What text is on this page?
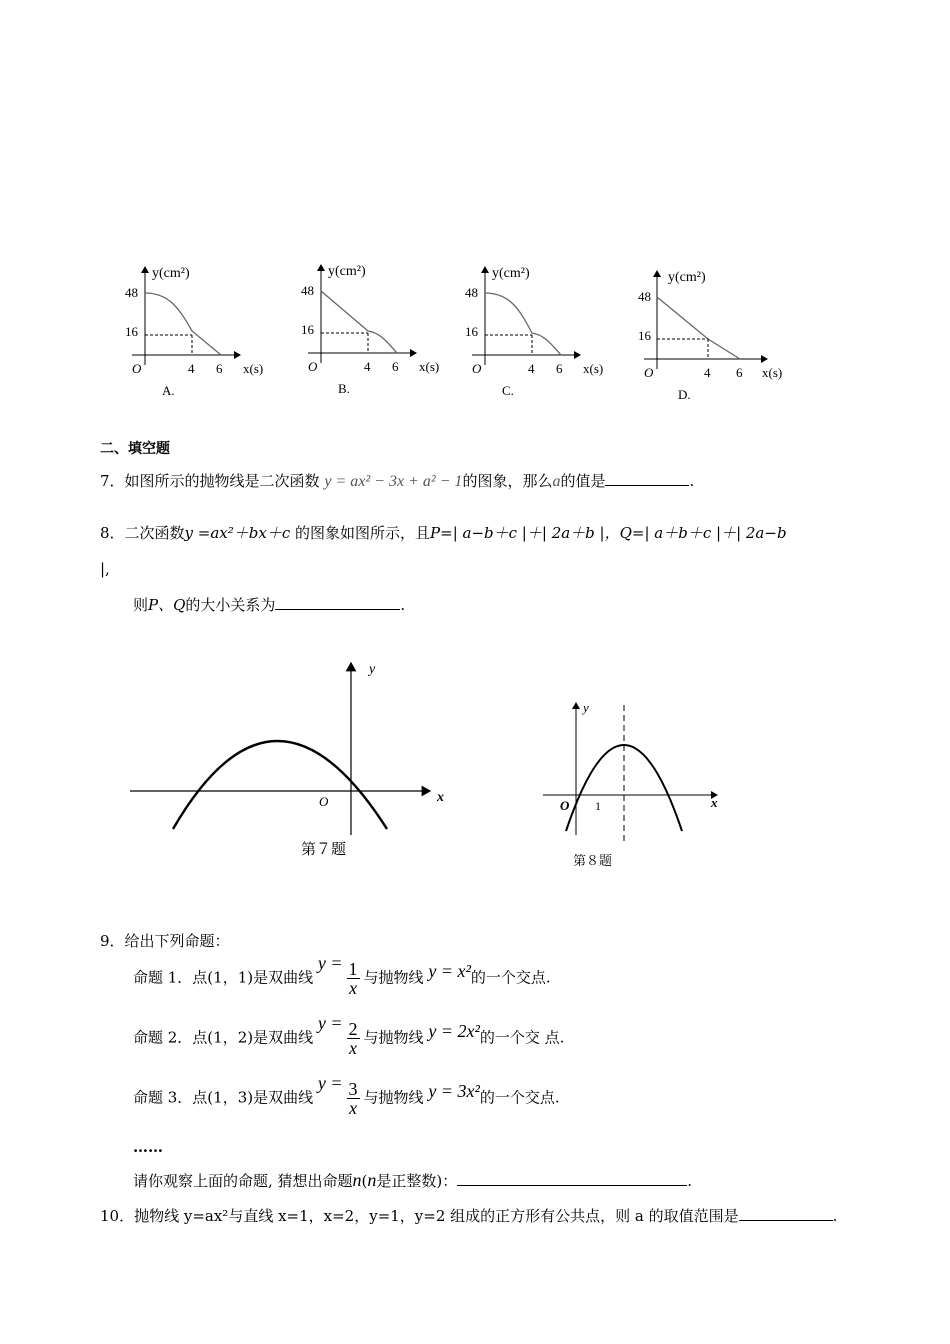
y(cm²)
48
16
O	4 6 x(s)
A.
y(cm²)
48
16
O	4 6 x(s)
B.
y(cm²)
48
16
O	4 6 x(s)
C.
y(cm²)
48
16
O	4 6 x(s)
D.
二、填空题
7．如图所示的抛物线是二次函数 y = ax² − 3x + a² − 1的图象，那么a的值是	.
8．二次函数y =ax²＋bx＋c 的图象如图所示，且P=| a−b＋c |＋| 2a＋b |，Q=| a＋b＋c |＋| 2a−b
|,
则P、Q的大小关系为	.
y
x
O
第７题
y
x
O 1
第８题
9．给出下列命题：
命题 1．点(1，1)是双曲线 $y = \frac{1}{x}$ 与抛物线 y = x²的一个交点.
命题 2．点(1，2)是双曲线 $y = \frac{2}{x}$ 与抛物线 y = 2x²的一个交 点.
命题 3．点(1，3)是双曲线 $y = \frac{3}{x}$ 与抛物线 y = 3x²的一个交点.
……
请你观察上面的命题, 猜想出命题n(n是正整数)：	.
10．抛物线 y=ax²与直线 x=1，x=2，y=1，y=2 组成的正方形有公共点，则 a 的取值范围是	.
